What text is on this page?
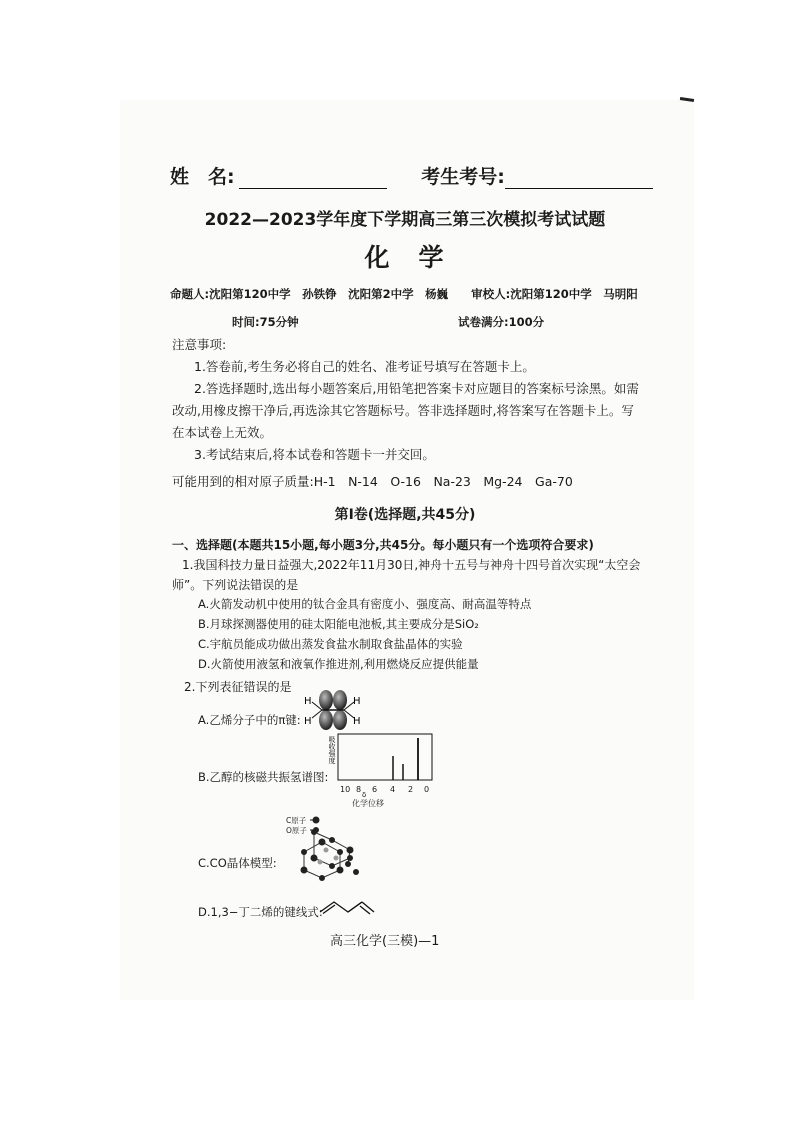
姓　名:	考生考号:
2022—2023学年度下学期高三第三次模拟考试试题
化　学
命题人:沈阳第120中学　孙铁铮　沈阳第2中学　杨巍　　审校人:沈阳第120中学　马明阳
时间:75分钟	试卷满分:100分
注意事项:
1.答卷前,考生务必将自己的姓名、准考证号填写在答题卡上。
2.答选择题时,选出每小题答案后,用铅笔把答案卡对应题目的答案标号涂黑。如需
改动,用橡皮擦干净后,再选涂其它答题标号。答非选择题时,将答案写在答题卡上。写
在本试卷上无效。
3.考试结束后,将本试卷和答题卡一并交回。
可能用到的相对原子质量:H-1　N-14　O-16　Na-23　Mg-24　Ga-70
第Ⅰ卷(选择题,共45分)
一、选择题(本题共15小题,每小题3分,共45分。每小题只有一个选项符合要求)
1.我国科技力量日益强大,2022年11月30日,神舟十五号与神舟十四号首次实现“太空会
师”。下列说法错误的是
A.火箭发动机中使用的钛合金具有密度小、强度高、耐高温等特点
B.月球探测器使用的硅太阳能电池板,其主要成分是SiO₂
C.宇航员能成功做出蒸发食盐水制取食盐晶体的实验
D.火箭使用液氢和液氧作推进剂,利用燃烧反应提供能量
2.下列表征错误的是
A.乙烯分子中的π键:
B.乙醇的核磁共振氢谱图:
C.CO晶体模型:
D.1,3−丁二烯的键线式:
H
H
H
H
吸收强度
10 8 6 4 2 0
δ
化学位移
C原子
O原子
高三化学(三模)—1
